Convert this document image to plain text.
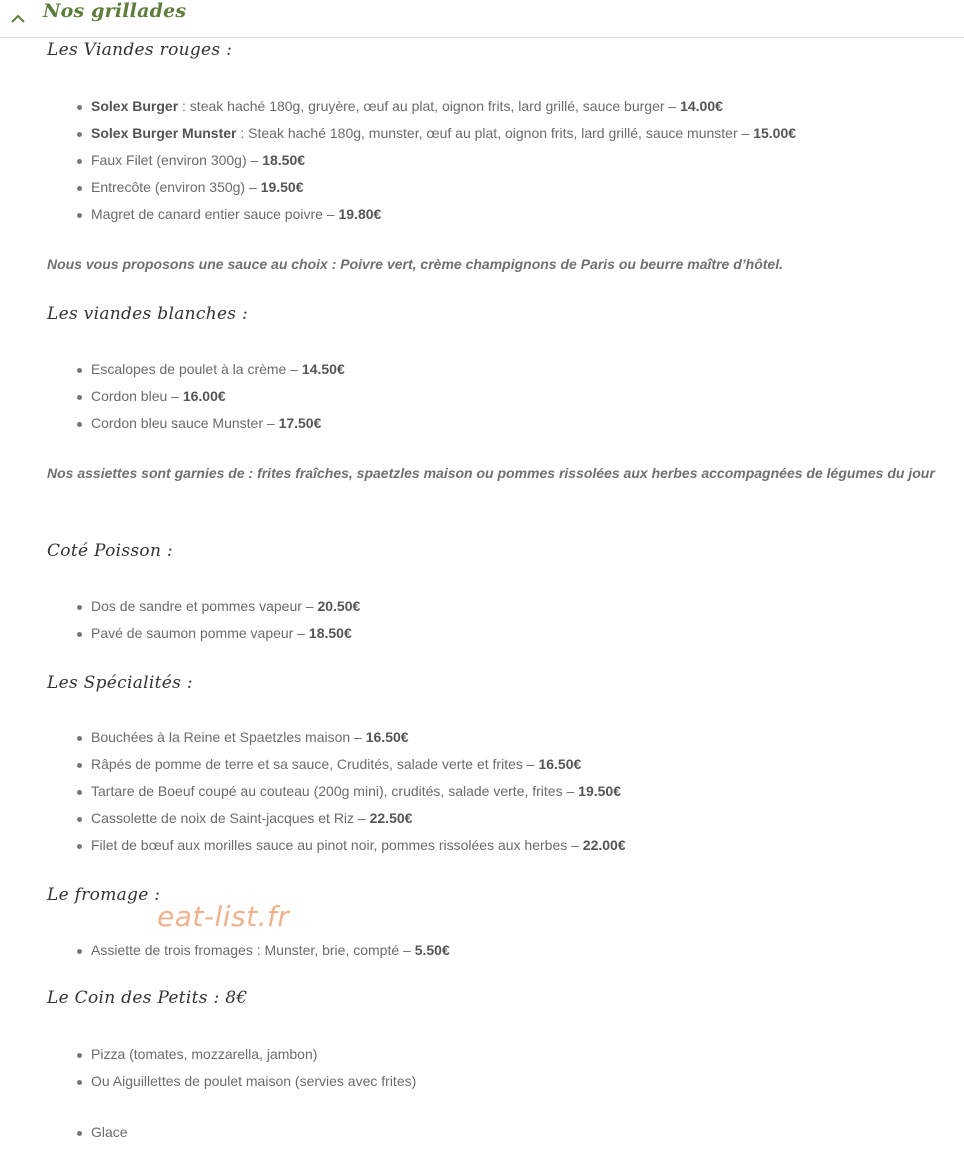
Nos grillades
Les Viandes rouges :
Solex Burger : steak haché 180g, gruyère, œuf au plat, oignon frits, lard grillé, sauce burger – 14.00€
Solex Burger Munster : Steak haché 180g, munster, œuf au plat, oignon frits, lard grillé, sauce munster – 15.00€
Faux Filet (environ 300g) – 18.50€
Entrecôte (environ 350g) – 19.50€
Magret de canard entier sauce poivre – 19.80€
Nous vous proposons une sauce au choix : Poivre vert, crème champignons de Paris ou beurre maître d’hôtel.
Les viandes blanches :
Escalopes de poulet à la crème – 14.50€
Cordon bleu – 16.00€
Cordon bleu sauce Munster – 17.50€
Nos assiettes sont garnies de : frites fraîches, spaetzles maison ou pommes rissolées aux herbes accompagnées de légumes du jour
Coté Poisson :
Dos de sandre et pommes vapeur – 20.50€
Pavé de saumon pomme vapeur – 18.50€
Les Spécialités :
Bouchées à la Reine et Spaetzles maison – 16.50€
Râpés de pomme de terre et sa sauce, Crudités, salade verte et frites – 16.50€
Tartare de Boeuf coupé au couteau (200g mini), crudités, salade verte, frites – 19.50€
Cassolette de noix de Saint-jacques et Riz – 22.50€
Filet de bœuf aux morilles sauce au pinot noir, pommes rissolées aux herbes – 22.00€
Le fromage :
Assiette de trois fromages : Munster, brie, compté – 5.50€
Le Coin des Petits : 8€
Pizza (tomates, mozzarella, jambon)
Ou Aiguillettes de poulet maison (servies avec frites)
Glace
eat-list.fr
